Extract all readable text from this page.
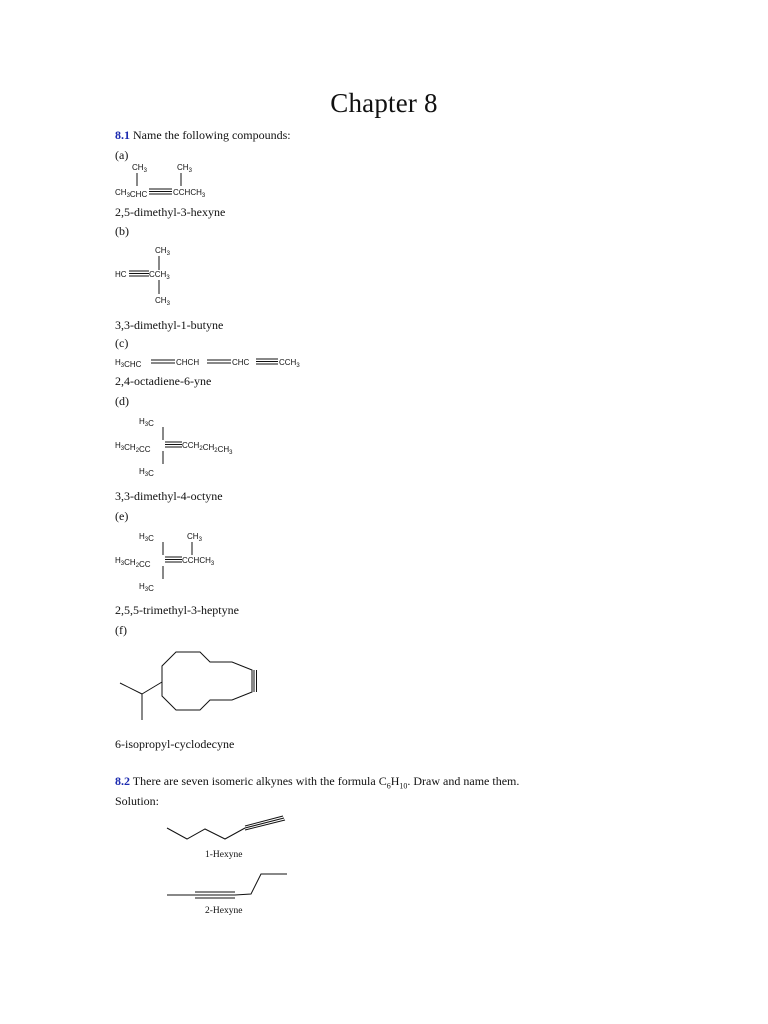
Chapter 8
8.1 Name the following compounds:
(a)
$CH_3$	$CH_3$
$CH_3CHC$	$CCHCH_3$
2,5-dimethyl-3-hexyne
(b)
$CH_3$
HC	$CCH_3$
$CH_3$
3,3-dimethyl-1-butyne
(c)
$H_3CHC$	CHCH	CHC	$CCH_3$
2,4-octadiene-6-yne
(d)
$H_3C$
$H_3CH_2CC$	$CCH_2CH_2CH_3$
$H_3C$
3,3-dimethyl-4-octyne
(e)
$H_3C$	$CH_3$
$H_3CH_2CC$	$CCHCH_3$
$H_3C$
2,5,5-trimethyl-3-heptyne
(f)
6-isopropyl-cyclodecyne
8.2 There are seven isomeric alkynes with the formula $C_6H_{10}$. Draw and name them.
Solution:
1-Hexyne
2-Hexyne
